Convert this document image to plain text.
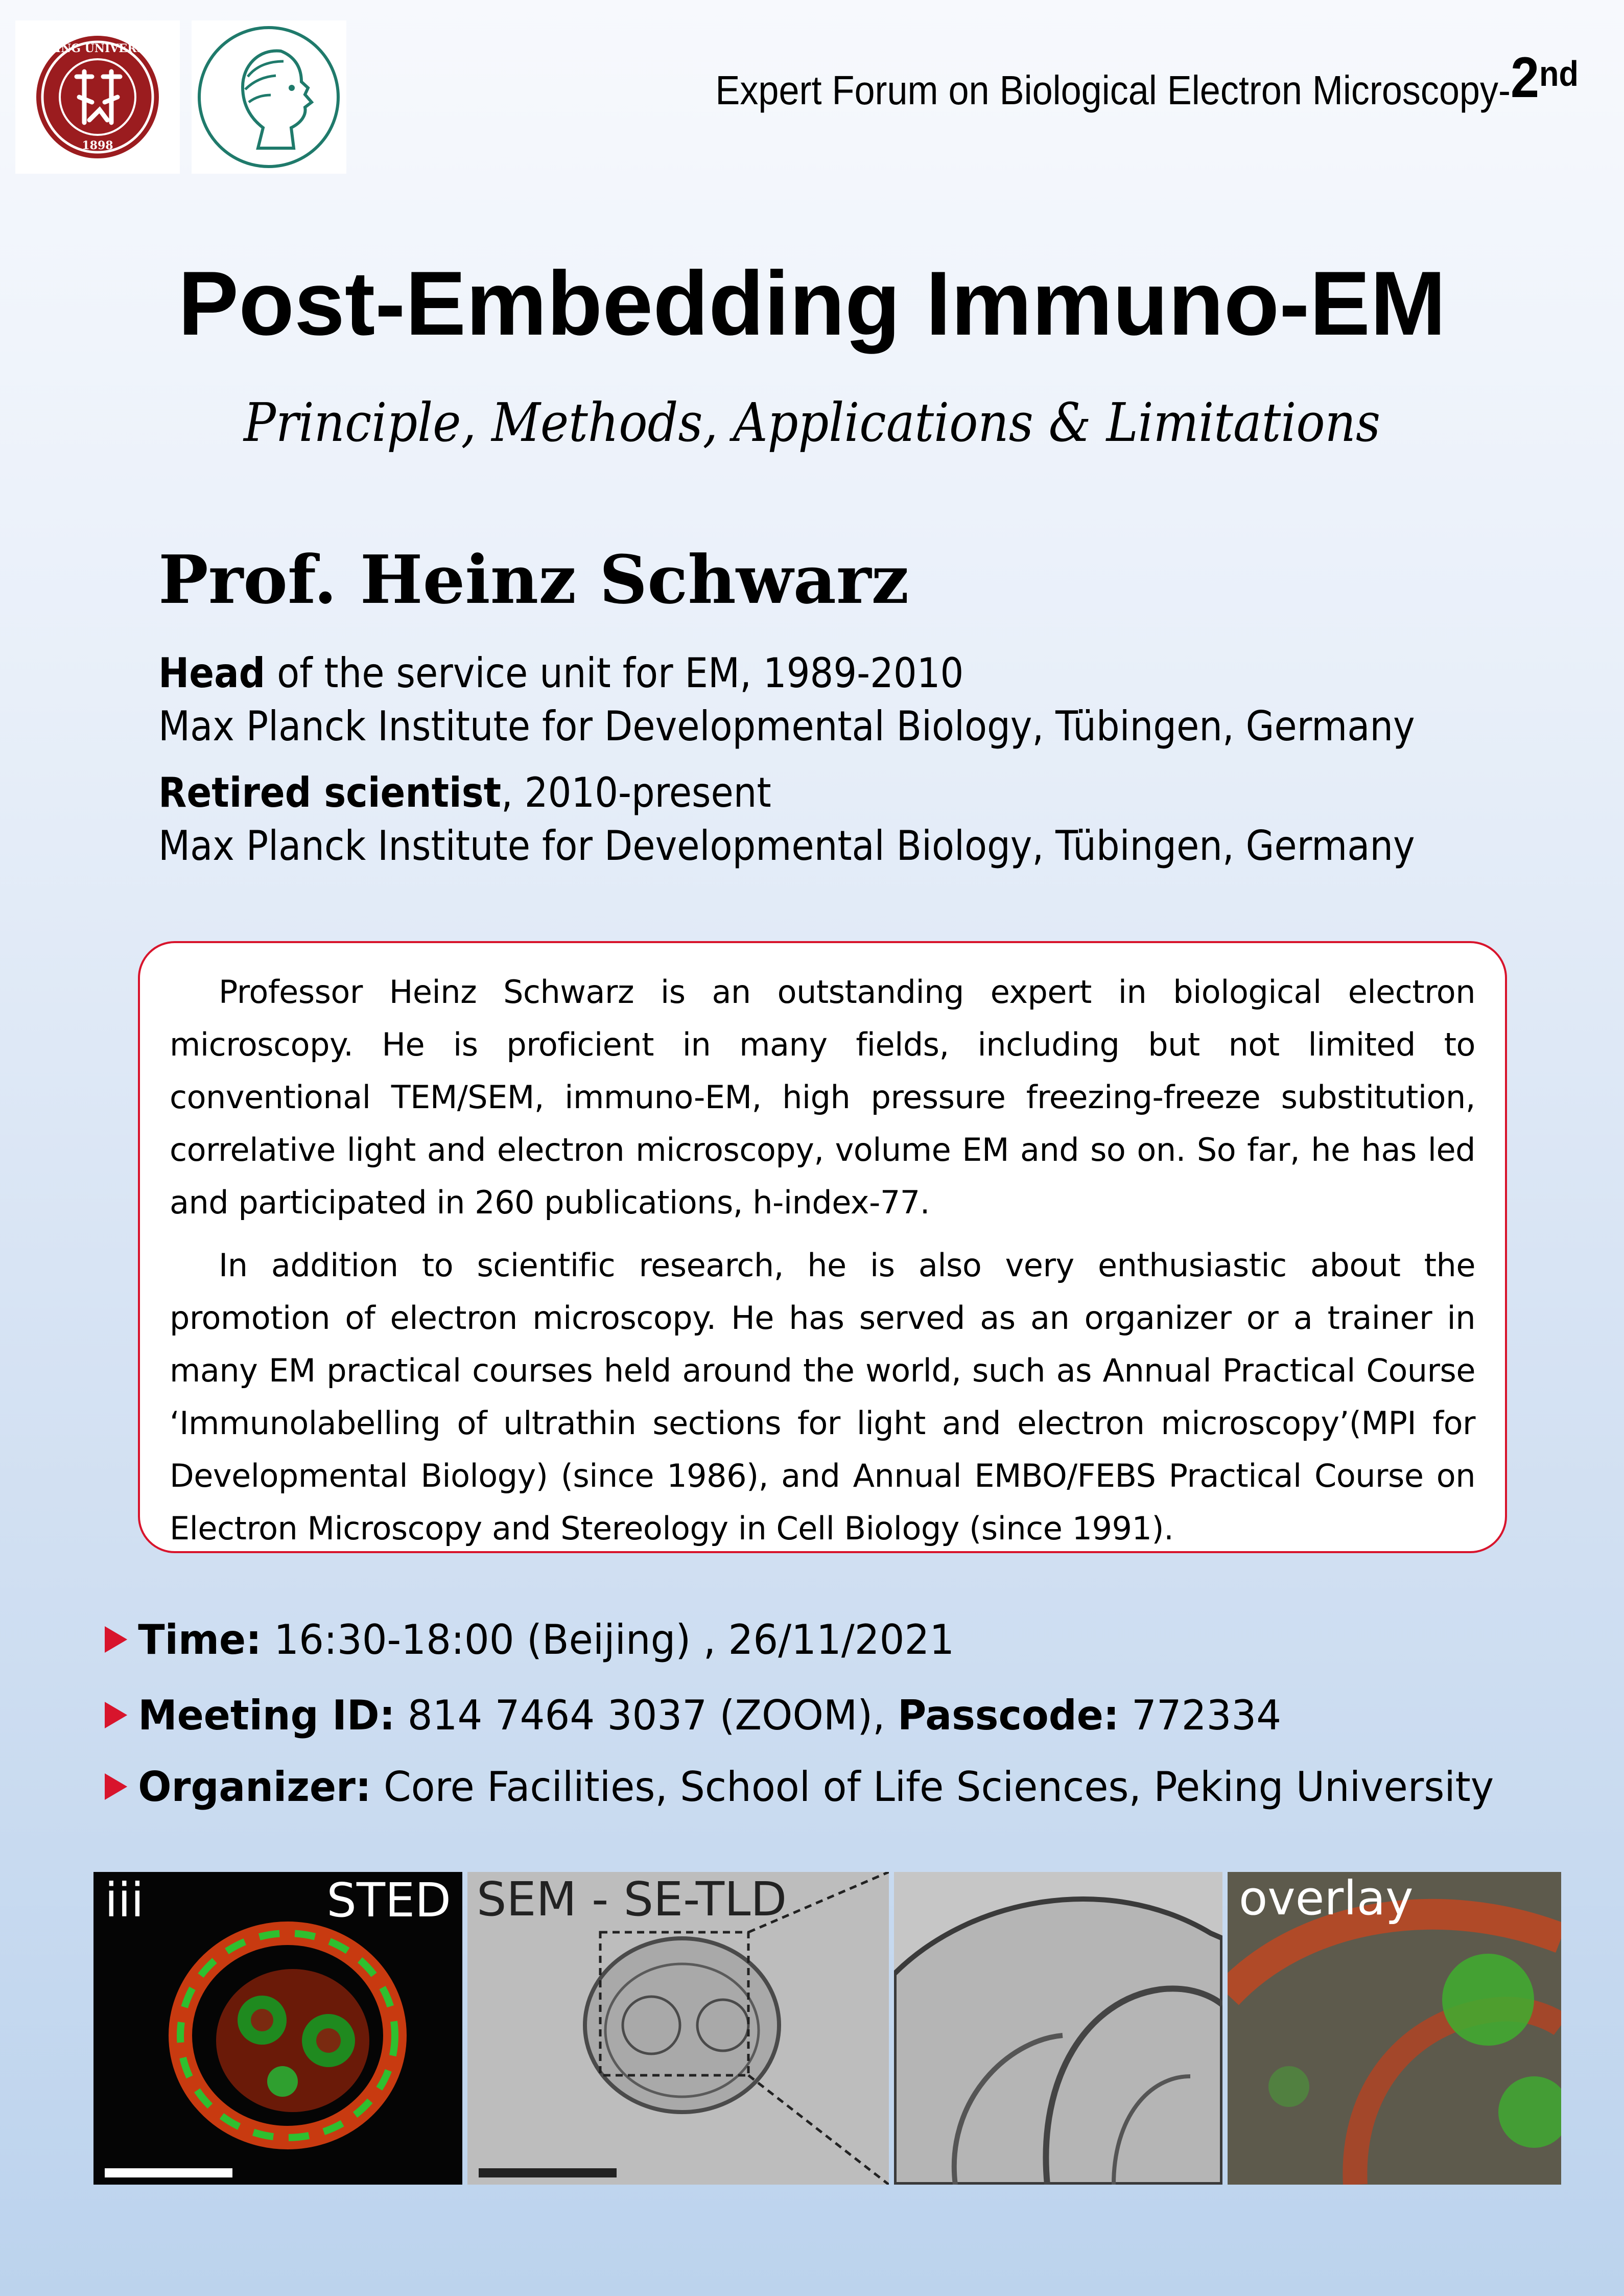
PEKING UNIVERSITY
1898
Expert Forum on Biological Electron Microscopy-2nd
Post-Embedding Immuno-EM
Principle, Methods, Applications & Limitations
Prof. Heinz Schwarz
Head of the service unit for EM, 1989-2010
Max Planck Institute for Developmental Biology, Tübingen, Germany
Retired scientist, 2010-present
Max Planck Institute for Developmental Biology, Tübingen, Germany

Professor Heinz Schwarz is an outstanding expert in biological electron microscopy. He is proficient in many fields, including but not limited to conventional TEM/SEM, immuno-EM, high pressure freezing-freeze substitution, correlative light and electron microscopy, volume EM and so on. So far, he has led and participated in 260 publications, h-index-77.

In addition to scientific research, he is also very enthusiastic about the promotion of electron microscopy. He has served as an organizer or a trainer in many EM practical courses held around the world, such as Annual Practical Course ‘Immunolabelling of ultrathin sections for light and electron microscopy’(MPI for Developmental Biology) (since 1986), and Annual EMBO/FEBS Practical Course on Electron Microscopy and Stereology in Cell Biology (since 1991).

Time: 16:30-18:00 (Beijing) , 26/11/2021
Meeting ID: 814 7464 3037 (ZOOM), Passcode: 772334
Organizer: Core Facilities, School of Life Sciences, Peking University
iii	STED SEM - SE-TLD	overlay
